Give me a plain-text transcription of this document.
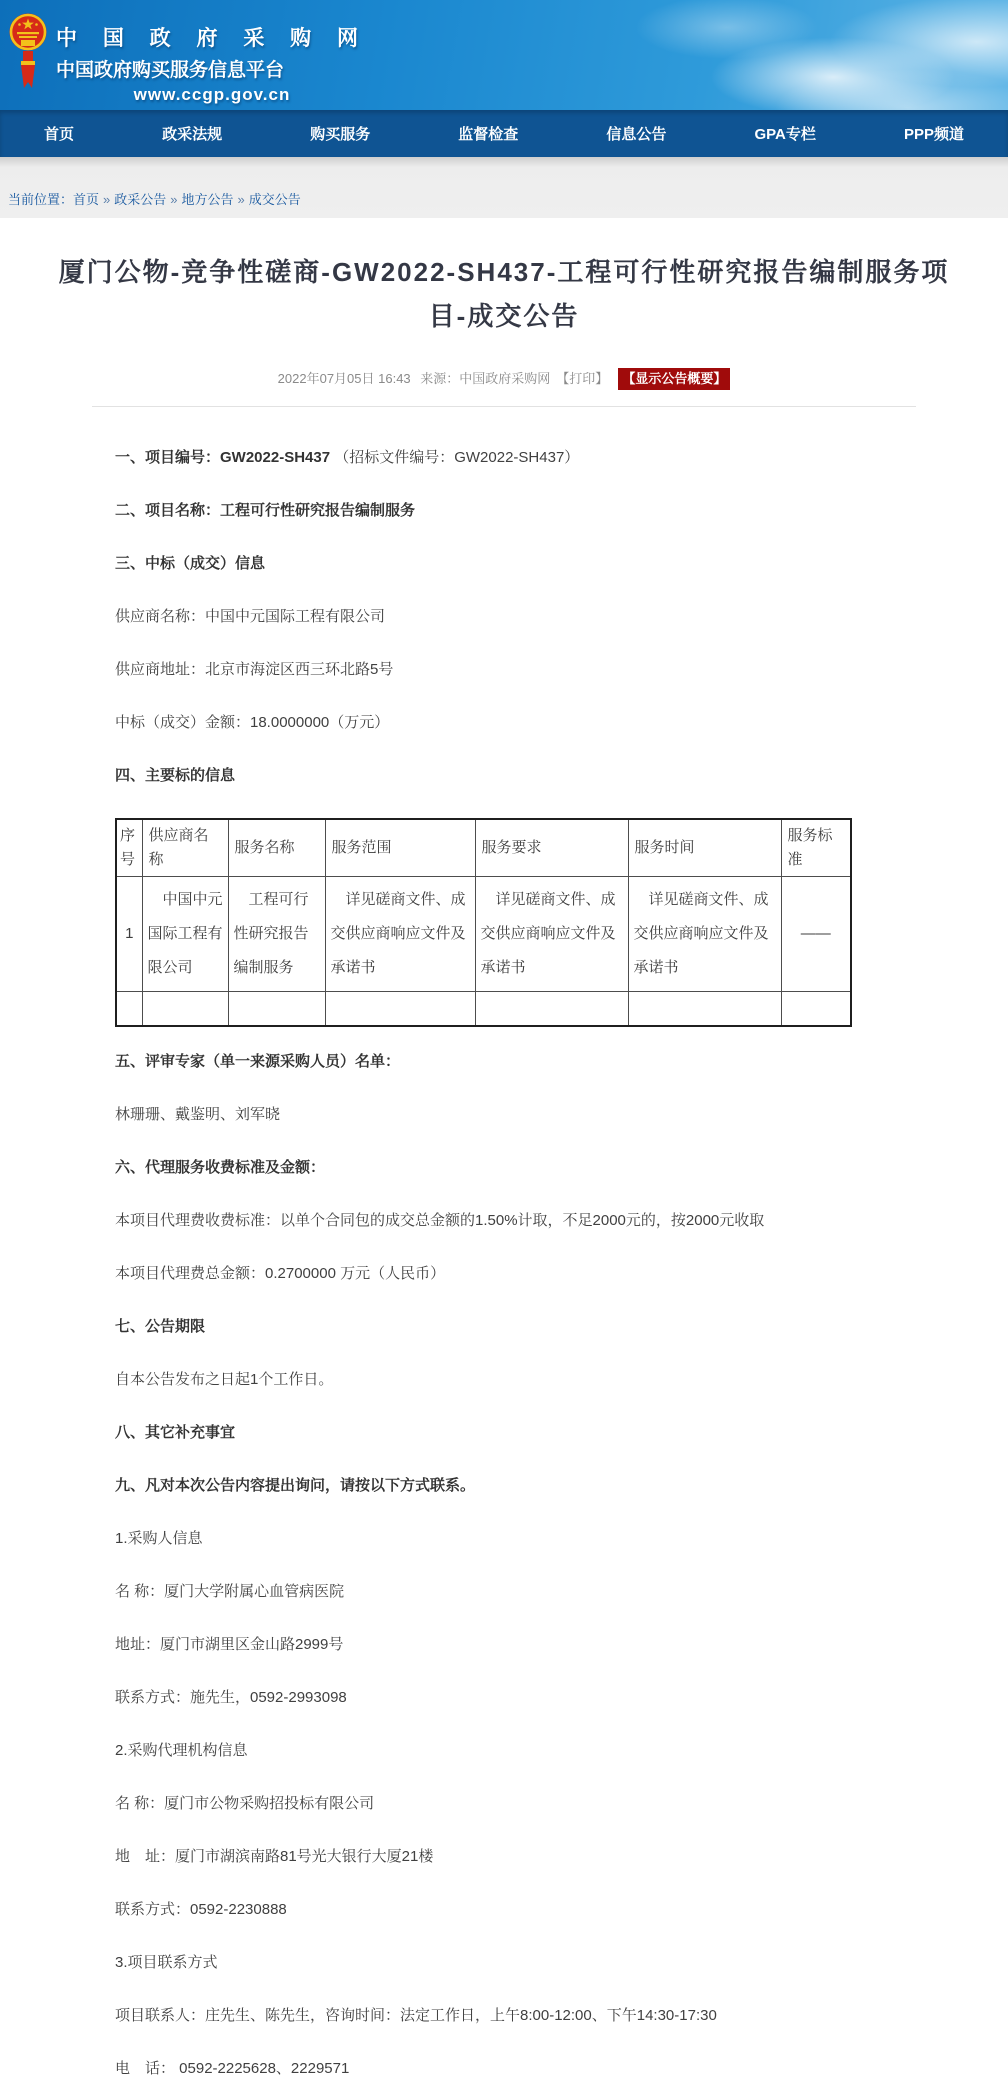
中 国 政 府 采 购 网
中国政府购买服务信息平台
www.ccgp.gov.cn
首页	政采法规	购买服务	监督检查	信息公告	GPA专栏	PPP频道
当前位置：首页 » 政采公告 » 地方公告 » 成交公告
厦门公物-竞争性磋商-GW2022-SH437-工程可行性研究报告编制服务项目-成交公告
2022年07月05日 16:43 来源：中国政府采购网 【打印】 【显示公告概要】

一、项目编号：GW2022-SH437 （招标文件编号：GW2022-SH437）

二、项目名称：工程可行性研究报告编制服务

三、中标（成交）信息

供应商名称：中国中元国际工程有限公司

供应商地址：北京市海淀区西三环北路5号

中标（成交）金额：18.0000000（万元）

四、主要标的信息

序号	供应商名称	服务名称	服务范围	服务要求	服务时间	服务标准
1	中国中元国际工程有限公司	工程可行性研究报告编制服务	详见磋商文件、成交供应商响应文件及承诺书	详见磋商文件、成交供应商响应文件及承诺书	详见磋商文件、成交供应商响应文件及承诺书	——

五、评审专家（单一来源采购人员）名单：

林珊珊、戴鉴明、刘军晓

六、代理服务收费标准及金额：

本项目代理费收费标准：以单个合同包的成交总金额的1.50%计取，不足2000元的，按2000元收取

本项目代理费总金额：0.2700000 万元（人民币）

七、公告期限

自本公告发布之日起1个工作日。

八、其它补充事宜

九、凡对本次公告内容提出询问，请按以下方式联系。

1.采购人信息

名 称：厦门大学附属心血管病医院

地址：厦门市湖里区金山路2999号

联系方式：施先生，0592-2993098

2.采购代理机构信息

名 称：厦门市公物采购招投标有限公司

地　址：厦门市湖滨南路81号光大银行大厦21楼

联系方式：0592-2230888

3.项目联系方式

项目联系人：庄先生、陈先生，咨询时间：法定工作日，上午8:00-12:00、下午14:30-17:30

电　话： 0592-2225628、2229571
